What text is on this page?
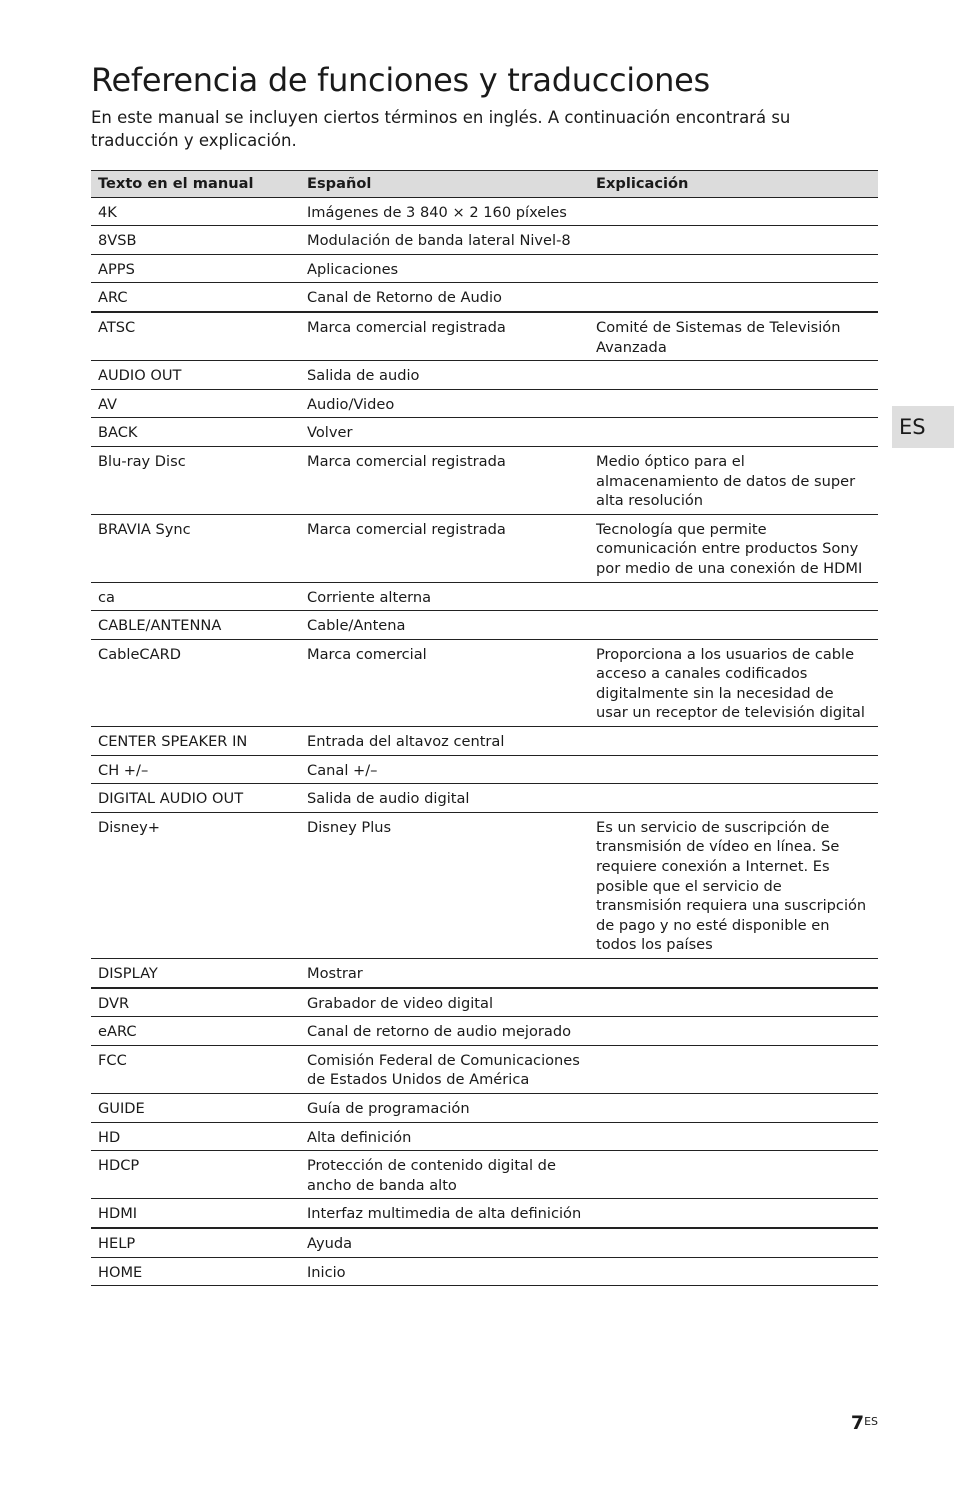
Referencia de funciones y traducciones

En este manual se incluyen ciertos términos en inglés. A continuación encontrará su traducción y explicación.

ES
Texto en el manual	Español	Explicación
4K	Imágenes de 3 840 × 2 160 píxeles	
8VSB	Modulación de banda lateral Nivel-8	
APPS	Aplicaciones	
ARC	Canal de Retorno de Audio	
ATSC	Marca comercial registrada	Comité de Sistemas de Televisión Avanzada
AUDIO OUT	Salida de audio	
AV	Audio/Video	
BACK	Volver	
Blu-ray Disc	Marca comercial registrada	Medio óptico para el almacenamiento de datos de super alta resolución
BRAVIA Sync	Marca comercial registrada	Tecnología que permite comunicación entre productos Sony por medio de una conexión de HDMI
ca	Corriente alterna	
CABLE/ANTENNA	Cable/Antena	
CableCARD	Marca comercial	Proporciona a los usuarios de cable acceso a canales codificados digitalmente sin la necesidad de usar un receptor de televisión digital
CENTER SPEAKER IN	Entrada del altavoz central	
CH +/–	Canal +/–	
DIGITAL AUDIO OUT	Salida de audio digital	
Disney+	Disney Plus	Es un servicio de suscripción de transmisión de vídeo en línea. Se requiere conexión a Internet. Es posible que el servicio de transmisión requiera una suscripción de pago y no esté disponible en todos los países
DISPLAY	Mostrar	
DVR	Grabador de video digital	
eARC	Canal de retorno de audio mejorado	
FCC	Comisión Federal de Comunicaciones de Estados Unidos de América	
GUIDE	Guía de programación	
HD	Alta definición	
HDCP	Protección de contenido digital de ancho de banda alto	
HDMI	Interfaz multimedia de alta definición	
HELP	Ayuda	
HOME	Inicio	
$7^{ES}$
